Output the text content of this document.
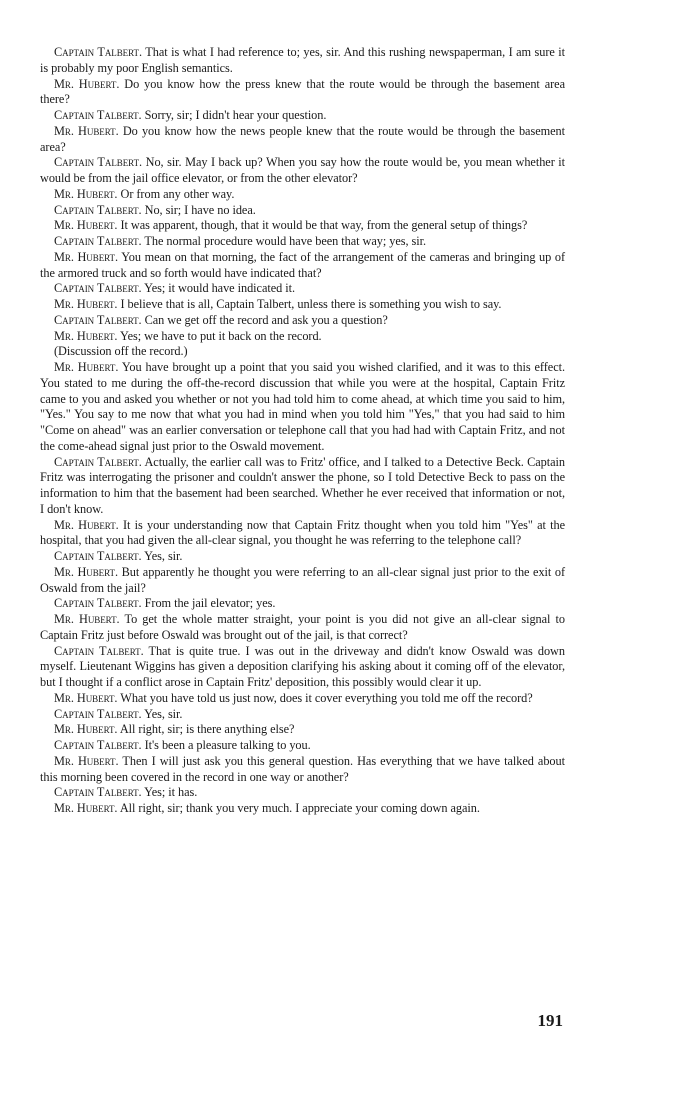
Captain Talbert. That is what I had reference to; yes, sir. And this rushing newspaperman, I am sure it is probably my poor English semantics.

Mr. Hubert. Do you know how the press knew that the route would be through the basement area there?

Captain Talbert. Sorry, sir; I didn't hear your question.

Mr. Hubert. Do you know how the news people knew that the route would be through the basement area?

Captain Talbert. No, sir. May I back up? When you say how the route would be, you mean whether it would be from the jail office elevator, or from the other elevator?

Mr. Hubert. Or from any other way.

Captain Talbert. No, sir; I have no idea.

Mr. Hubert. It was apparent, though, that it would be that way, from the general setup of things?

Captain Talbert. The normal procedure would have been that way; yes, sir.

Mr. Hubert. You mean on that morning, the fact of the arrangement of the cameras and bringing up of the armored truck and so forth would have indicated that?

Captain Talbert. Yes; it would have indicated it.

Mr. Hubert. I believe that is all, Captain Talbert, unless there is something you wish to say.

Captain Talbert. Can we get off the record and ask you a question?

Mr. Hubert. Yes; we have to put it back on the record.

(Discussion off the record.)

Mr. Hubert. You have brought up a point that you said you wished clarified, and it was to this effect. You stated to me during the off-the-record discussion that while you were at the hospital, Captain Fritz came to you and asked you whether or not you had told him to come ahead, at which time you said to him, "Yes." You say to me now that what you had in mind when you told him "Yes," that you had said to him "Come on ahead" was an earlier conversation or telephone call that you had had with Captain Fritz, and not the come-ahead signal just prior to the Oswald movement.

Captain Talbert. Actually, the earlier call was to Fritz' office, and I talked to a Detective Beck. Captain Fritz was interrogating the prisoner and couldn't answer the phone, so I told Detective Beck to pass on the information to him that the basement had been searched. Whether he ever received that information or not, I don't know.

Mr. Hubert. It is your understanding now that Captain Fritz thought when you told him "Yes" at the hospital, that you had given the all-clear signal, you thought he was referring to the telephone call?

Captain Talbert. Yes, sir.

Mr. Hubert. But apparently he thought you were referring to an all-clear signal just prior to the exit of Oswald from the jail?

Captain Talbert. From the jail elevator; yes.

Mr. Hubert. To get the whole matter straight, your point is you did not give an all-clear signal to Captain Fritz just before Oswald was brought out of the jail, is that correct?

Captain Talbert. That is quite true. I was out in the driveway and didn't know Oswald was down myself. Lieutenant Wiggins has given a deposition clarifying his asking about it coming off of the elevator, but I thought if a conflict arose in Captain Fritz' deposition, this possibly would clear it up.

Mr. Hubert. What you have told us just now, does it cover everything you told me off the record?

Captain Talbert. Yes, sir.

Mr. Hubert. All right, sir; is there anything else?

Captain Talbert. It's been a pleasure talking to you.

Mr. Hubert. Then I will just ask you this general question. Has everything that we have talked about this morning been covered in the record in one way or another?

Captain Talbert. Yes; it has.

Mr. Hubert. All right, sir; thank you very much. I appreciate your coming down again.

191
